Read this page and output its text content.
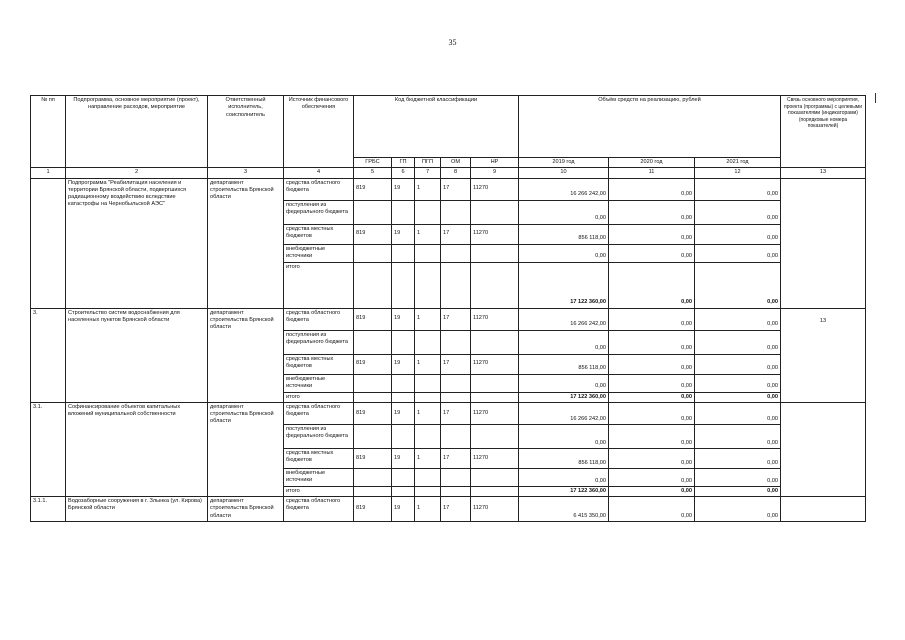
35
№ пп	Подпрограмма, основное мероприятие (проект), направление расходов, мероприятие	Ответственный исполнитель, соисполнитель	Источник финансового обеспечения	Код бюджетной классификации					Объём средств на реализацию, рублей			Связь основного мероприятия, проекта (программы) с целевыми показателями (индикаторами) (порядковые номера показателей)
				ГРБС	ГП	ПГП	ОМ	НР	2019 год	2020 год	2021 год	
1	2	3	4	5	6	7	8	9	10	11	12	13
	Подпрограмма "Реабилитация населения и территории Брянской области, подвергшихся радиационному воздействию вследствие катастрофы на Чернобыльской АЭС"	департамент строительства Брянской области	средства областного бюджета	819	19	1	17	11270	16 266 242,00	0,00	0,00	
			поступления из федерального бюджета						0,00	0,00	0,00	
			средства местных бюджетов	819	19	1	17	11270	856 118,00	0,00	0,00	
			внебюджетные источники						0,00	0,00	0,00	
			итого						17 122 360,00	0,00	0,00	
3.	Строительство систем водоснабжения для населенных пунктов Брянской области	департамент строительства Брянской области	средства областного бюджета	819	19	1	17	11270	16 266 242,00	0,00	0,00	13
			поступления из федерального бюджета						0,00	0,00	0,00	
			средства местных бюджетов	819	19	1	17	11270	856 118,00	0,00	0,00	
			внебюджетные источники						0,00	0,00	0,00	
			итого						17 122 360,00	0,00	0,00	
3.1.	Софинансирование объектов капитальных вложений муниципальной собственности	департамент строительства Брянской области	средства областного бюджета	819	19	1	17	11270	16 266 242,00	0,00	0,00	
			поступления из федерального бюджета						0,00	0,00	0,00	
			средства местных бюджетов	819	19	1	17	11270	856 118,00	0,00	0,00	
			внебюджетные источники						0,00	0,00	0,00	
			итого						17 122 360,00	0,00	0,00	
3.1.1.	Водозаборные сооружения в г. Злынка (ул. Кирова) Брянской области	департамент строительства Брянской области	средства областного бюджета	819	19	1	17	11270	6 415 350,00	0,00	0,00	
